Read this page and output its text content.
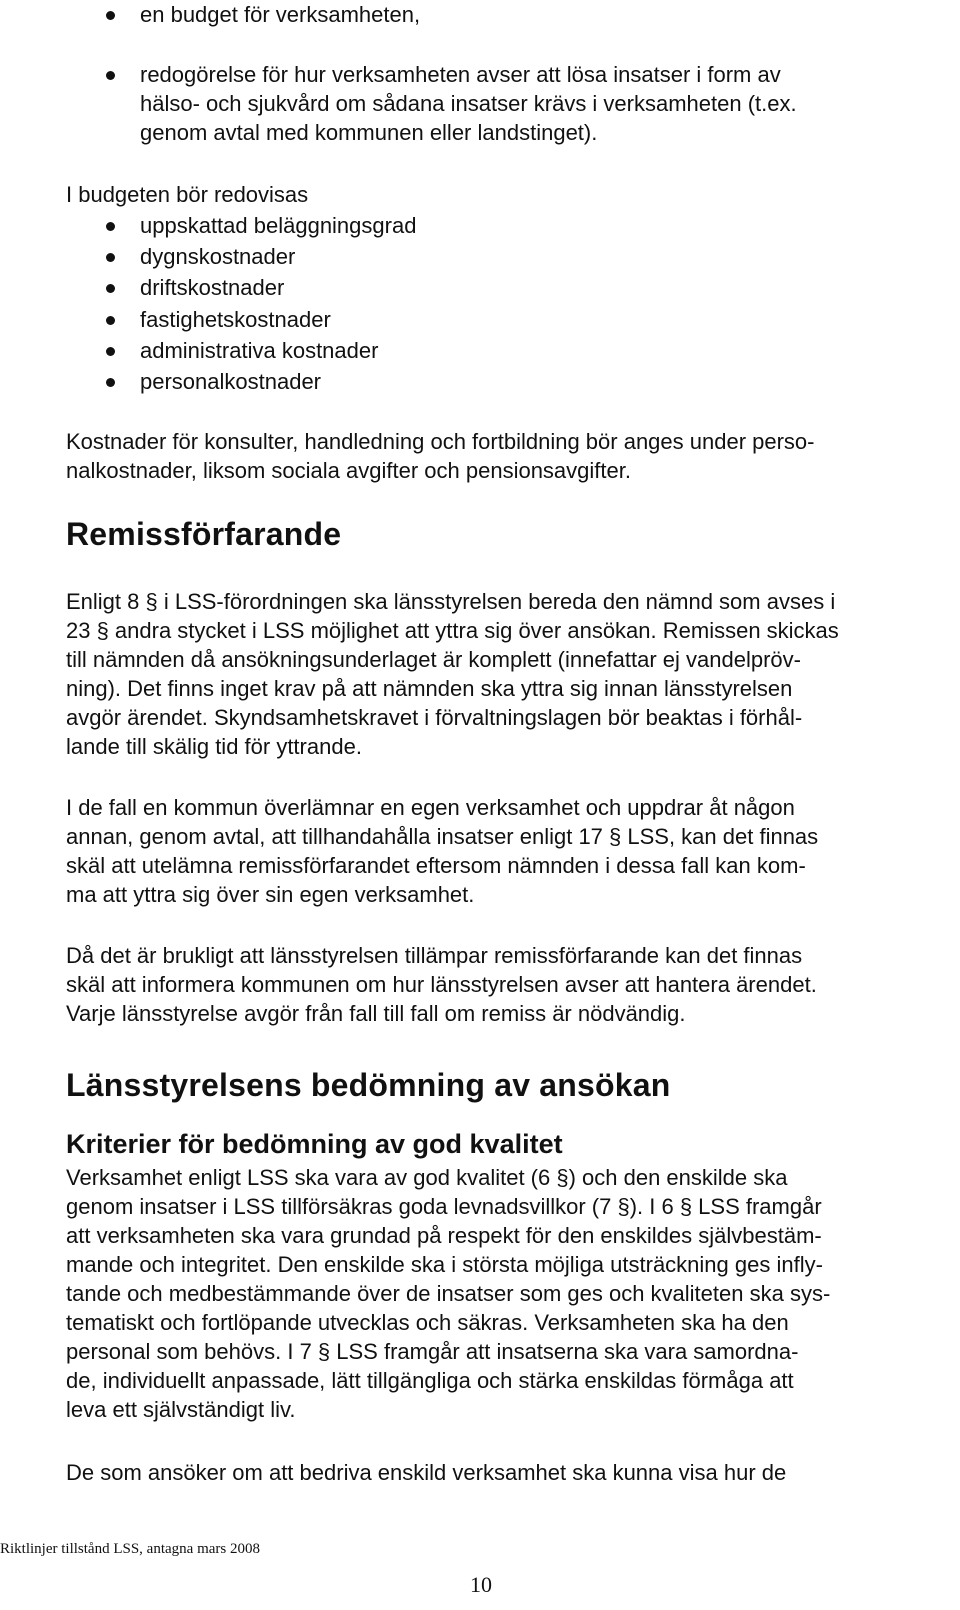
en budget för verksamheten,
redogörelse för hur verksamheten avser att lösa insatser i form av
hälso- och sjukvård om sådana insatser krävs i verksamheten (t.ex.
genom avtal med kommunen eller landstinget).
I budgeten bör redovisas
uppskattad beläggningsgrad
dygnskostnader
driftskostnader
fastighetskostnader
administrativa kostnader
personalkostnader
Kostnader för konsulter, handledning och fortbildning bör anges under perso-
nalkostnader, liksom sociala avgifter och pensionsavgifter.
Remissförfarande
Enligt 8 § i LSS-förordningen ska länsstyrelsen bereda den nämnd som avses i
23 § andra stycket i LSS möjlighet att yttra sig över ansökan. Remissen skickas
till nämnden då ansökningsunderlaget är komplett (innefattar ej vandelpröv-
ning). Det finns inget krav på att nämnden ska yttra sig innan länsstyrelsen
avgör ärendet. Skyndsamhetskravet i förvaltningslagen bör beaktas i förhål-
lande till skälig tid för yttrande.
I de fall en kommun överlämnar en egen verksamhet och uppdrar åt någon
annan, genom avtal, att tillhandahålla insatser enligt 17 § LSS, kan det finnas
skäl att utelämna remissförfarandet eftersom nämnden i dessa fall kan kom-
ma att yttra sig över sin egen verksamhet.
Då det är brukligt att länsstyrelsen tillämpar remissförfarande kan det finnas
skäl att informera kommunen om hur länsstyrelsen avser att hantera ärendet.
Varje länsstyrelse avgör från fall till fall om remiss är nödvändig.
Länsstyrelsens bedömning av ansökan
Kriterier för bedömning av god kvalitet
Verksamhet enligt LSS ska vara av god kvalitet (6 §) och den enskilde ska
genom insatser i LSS tillförsäkras goda levnadsvillkor (7 §). I 6 § LSS framgår
att verksamheten ska vara grundad på respekt för den enskildes självbestäm-
mande och integritet. Den enskilde ska i största möjliga utsträckning ges infly-
tande och medbestämmande över de insatser som ges och kvaliteten ska sys-
tematiskt och fortlöpande utvecklas och säkras. Verksamheten ska ha den
personal som behövs. I 7 § LSS framgår att insatserna ska vara samordna-
de, individuellt anpassade, lätt tillgängliga och stärka enskildas förmåga att
leva ett självständigt liv.
De som ansöker om att bedriva enskild verksamhet ska kunna visa hur de
Riktlinjer tillstånd LSS, antagna mars 2008
10
